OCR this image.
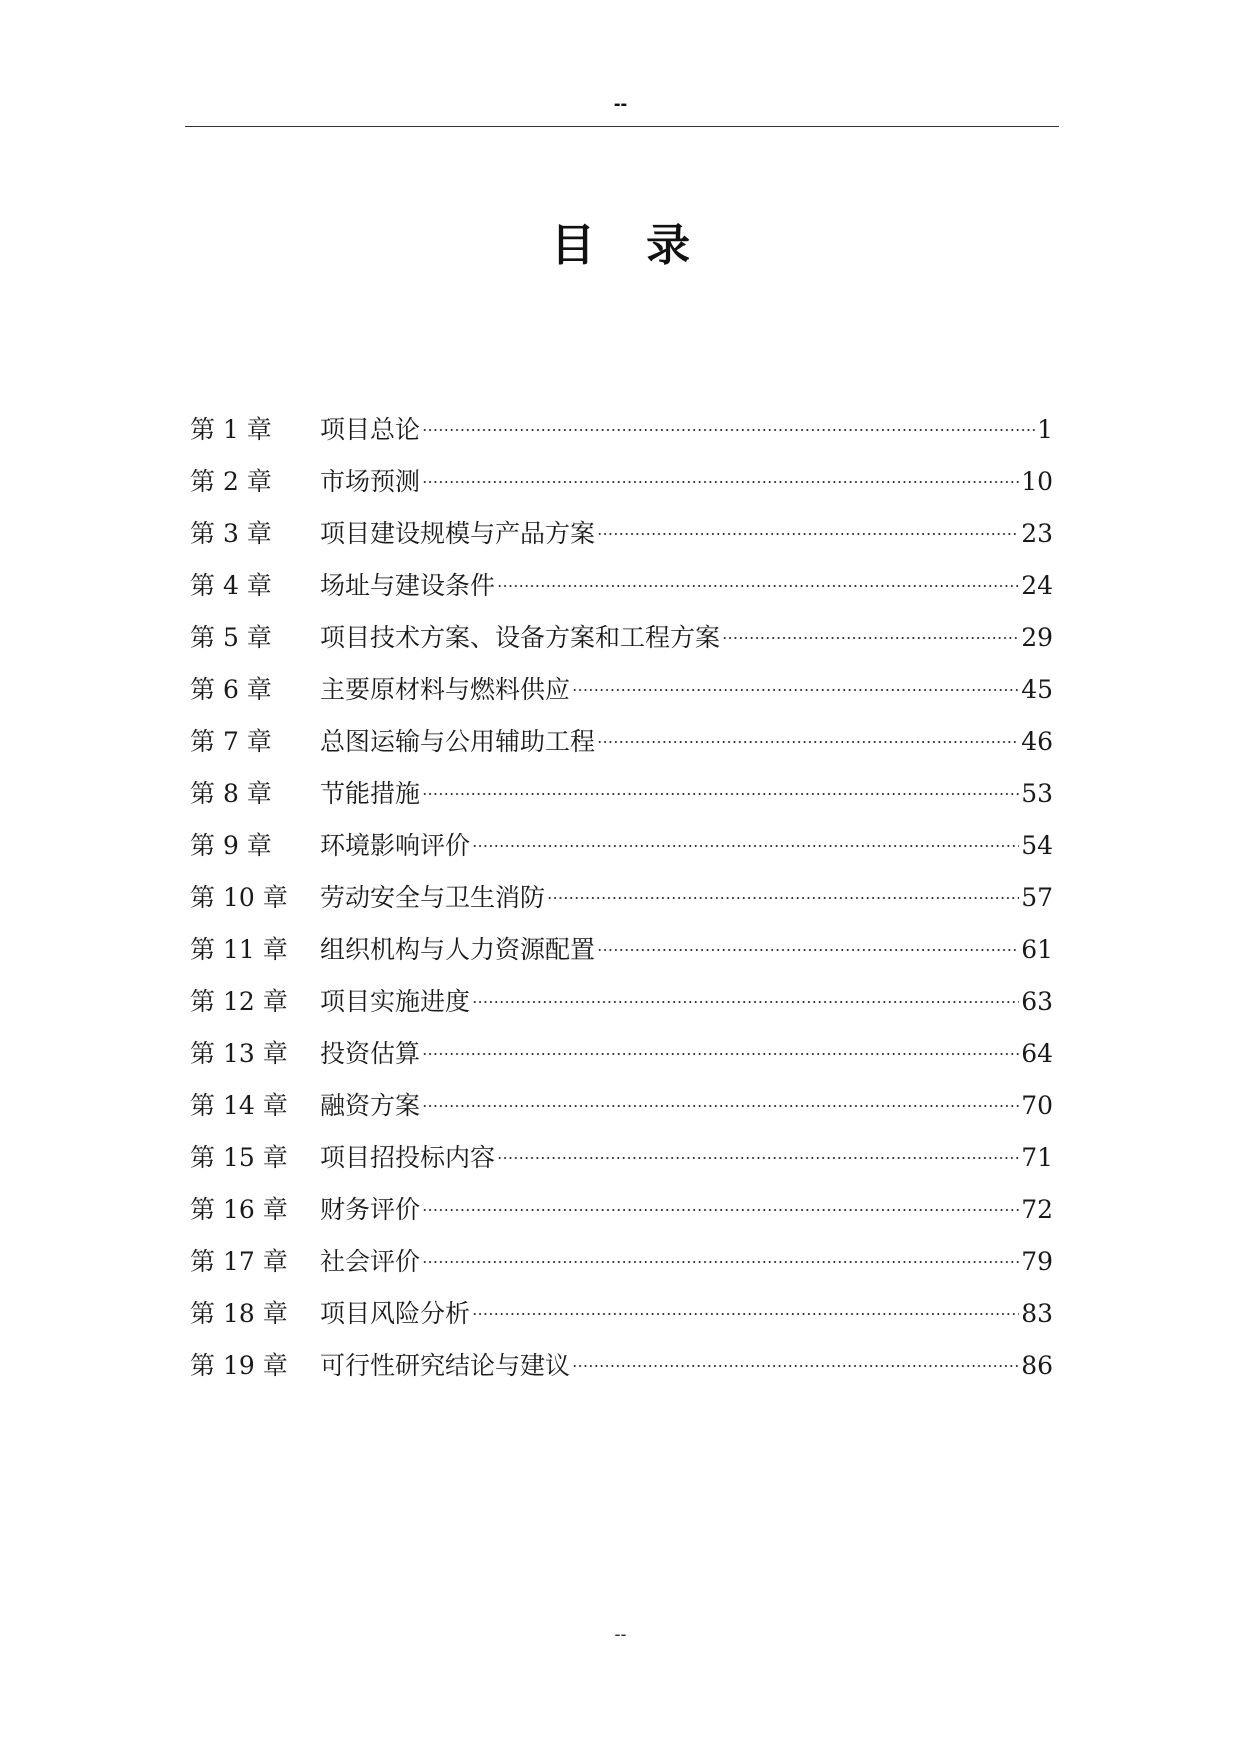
--
目 录
第 1 章	项目总论	1
第 2 章	市场预测	10
第 3 章	项目建设规模与产品方案	23
第 4 章	场址与建设条件	24
第 5 章	项目技术方案、设备方案和工程方案	29
第 6 章	主要原材料与燃料供应	45
第 7 章	总图运输与公用辅助工程	46
第 8 章	节能措施	53
第 9 章	环境影响评价	54
第 10 章	劳动安全与卫生消防	57
第 11 章	组织机构与人力资源配置	61
第 12 章	项目实施进度	63
第 13 章	投资估算	64
第 14 章	融资方案	70
第 15 章	项目招投标内容	71
第 16 章	财务评价	72
第 17 章	社会评价	79
第 18 章	项目风险分析	83
第 19 章	可行性研究结论与建议	86
--
